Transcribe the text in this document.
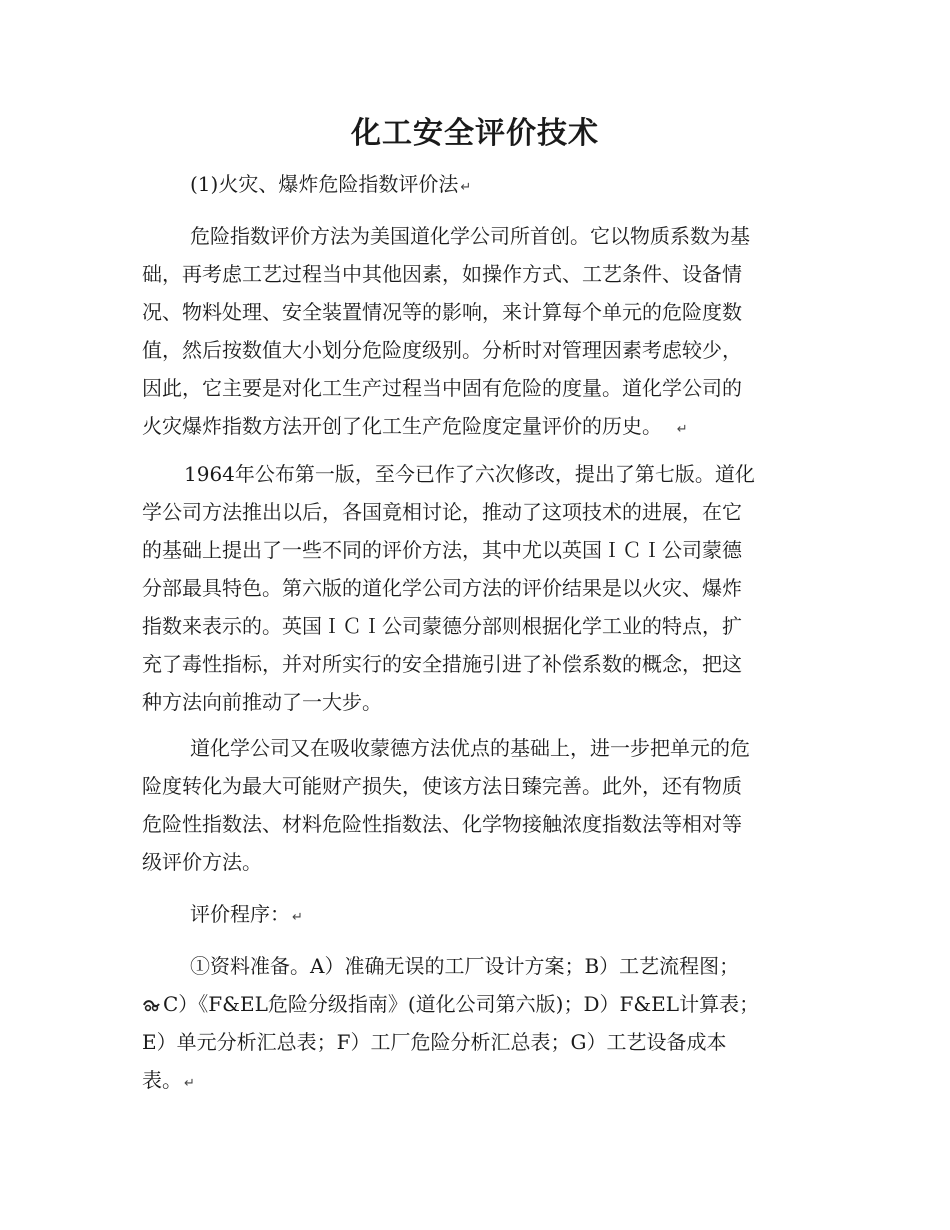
化工安全评价技术
(1)火灾、爆炸危险指数评价法 ↵
危险指数评价方法为美国道化学公司所首创。它以物质系数为基
础，再考虑工艺过程当中其他因素，如操作方式、工艺条件、设备情
况、物料处理、安全装置情况等的影响，来计算每个单元的危险度数
值，然后按数值大小划分危险度级别。分析时对管理因素考虑较少，
因此，它主要是对化工生产过程当中固有危险的度量。道化学公司的
火灾爆炸指数方法开创了化工生产危险度定量评价的历史。 ↵
1964年公布第一版，至今已作了六次修改，提出了第七版。道化
学公司方法推出以后，各国竟相讨论，推动了这项技术的进展，在它
的基础上提出了一些不同的评价方法，其中尤以英国ＩＣＩ公司蒙德
分部最具特色。第六版的道化学公司方法的评价结果是以火灾、爆炸
指数来表示的。英国ＩＣＩ公司蒙德分部则根据化学工业的特点，扩
充了毒性指标，并对所实行的安全措施引进了补偿系数的概念，把这
种方法向前推动了一大步。
道化学公司又在吸收蒙德方法优点的基础上，进一步把单元的危
险度转化为最大可能财产损失，使该方法日臻完善。此外，还有物质
危险性指数法、材料危险性指数法、化学物接触浓度指数法等相对等
级评价方法。
评价程序： ↵
①资料准备。A）准确无误的工厂设计方案；B）工艺流程图；
C）《F&EL危险分级指南》(道化公司第六版)；D）F&EL计算表；
E）单元分析汇总表；F）工厂危险分析汇总表；G）工艺设备成本
表。 ↵
